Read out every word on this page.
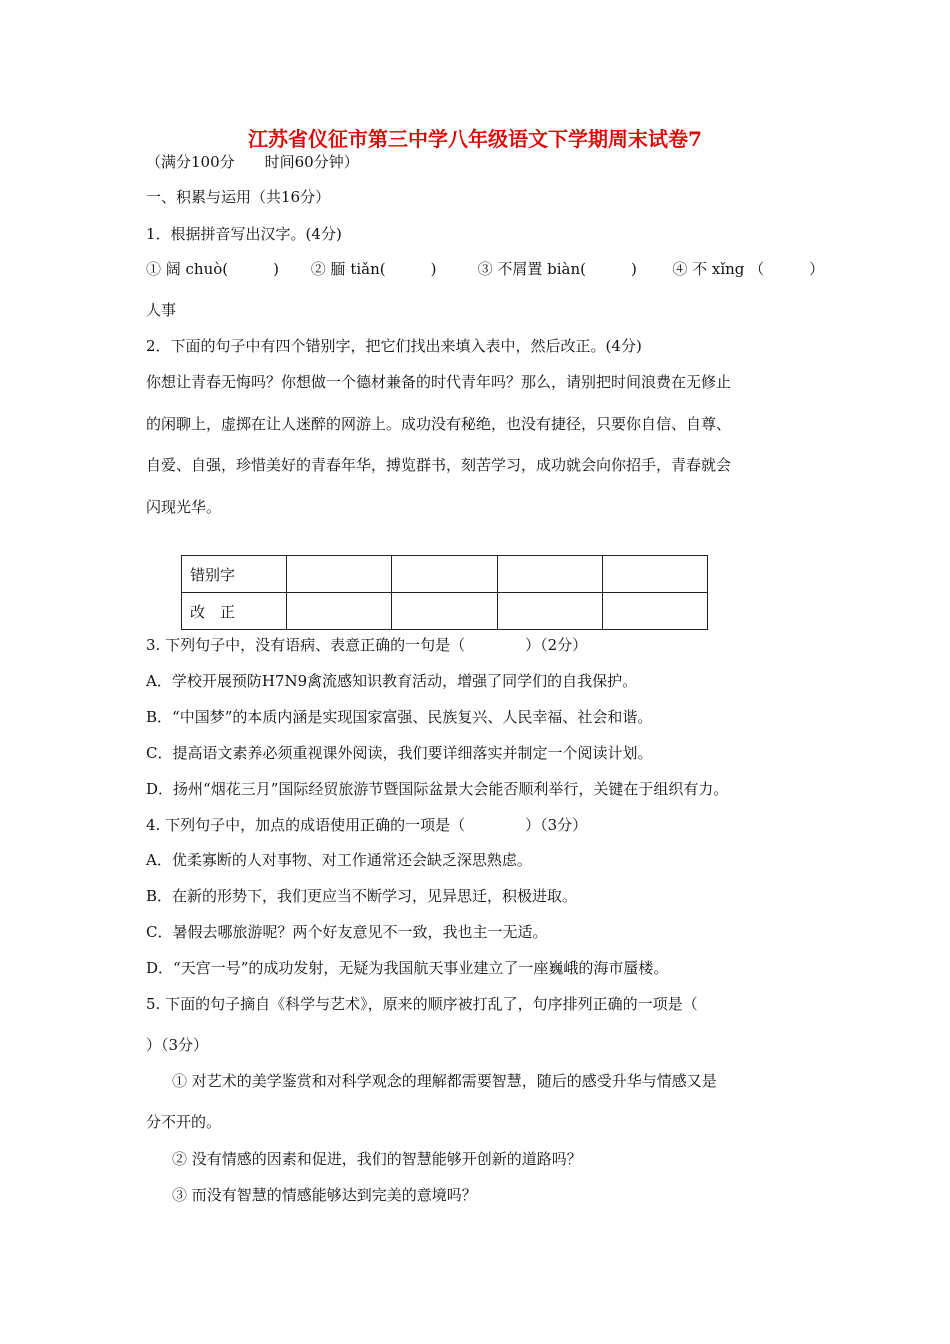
江苏省仪征市第三中学八年级语文下学期周末试卷7
（满分100分　　时间60分钟）
一、积累与运用（共16分）
1．根据拼音写出汉字。(4分)
① 阔 chuò(　　　) ② 腼 tiǎn(　　　)	③ 不屑置 biàn(　　　) ④ 不 xǐng （　　　）
人事
2．下面的句子中有四个错别字，把它们找出来填入表中，然后改正。(4分)
你想让青春无悔吗？你想做一个德材兼备的时代青年吗？那么，请别把时间浪费在无修止
的闲聊上，虚掷在让人迷醉的网游上。成功没有秘绝，也没有捷径，只要你自信、自尊、
自爱、自强，珍惜美好的青春年华，搏览群书，刻苦学习，成功就会向你招手，青春就会
闪现光华。
错别字				
改　正				
3. 下列句子中，没有语病、表意正确的一句是（　　　　）（2分）
A．学校开展预防H7N9禽流感知识教育活动，增强了同学们的自我保护。
B．“中国梦”的本质内涵是实现国家富强、民族复兴、人民幸福、社会和谐。
C．提高语文素养必须重视课外阅读，我们要详细落实并制定一个阅读计划。
D．扬州“烟花三月”国际经贸旅游节暨国际盆景大会能否顺利举行，关键在于组织有力。
4. 下列句子中，加点的成语使用正确的一项是（　　　　）（3分）
A．优柔寡断的人对事物、对工作通常还会缺乏深思熟虑。
B．在新的形势下，我们更应当不断学习，见异思迁，积极进取。
C．暑假去哪旅游呢？两个好友意见不一致，我也主一无适。
D．“天宫一号”的成功发射，无疑为我国航天事业建立了一座巍峨的海市蜃楼。
5. 下面的句子摘自《科学与艺术》，原来的顺序被打乱了，句序排列正确的一项是（
）（3分）
① 对艺术的美学鉴赏和对科学观念的理解都需要智慧，随后的感受升华与情感又是
分不开的。
② 没有情感的因素和促进，我们的智慧能够开创新的道路吗？
③ 而没有智慧的情感能够达到完美的意境吗？
